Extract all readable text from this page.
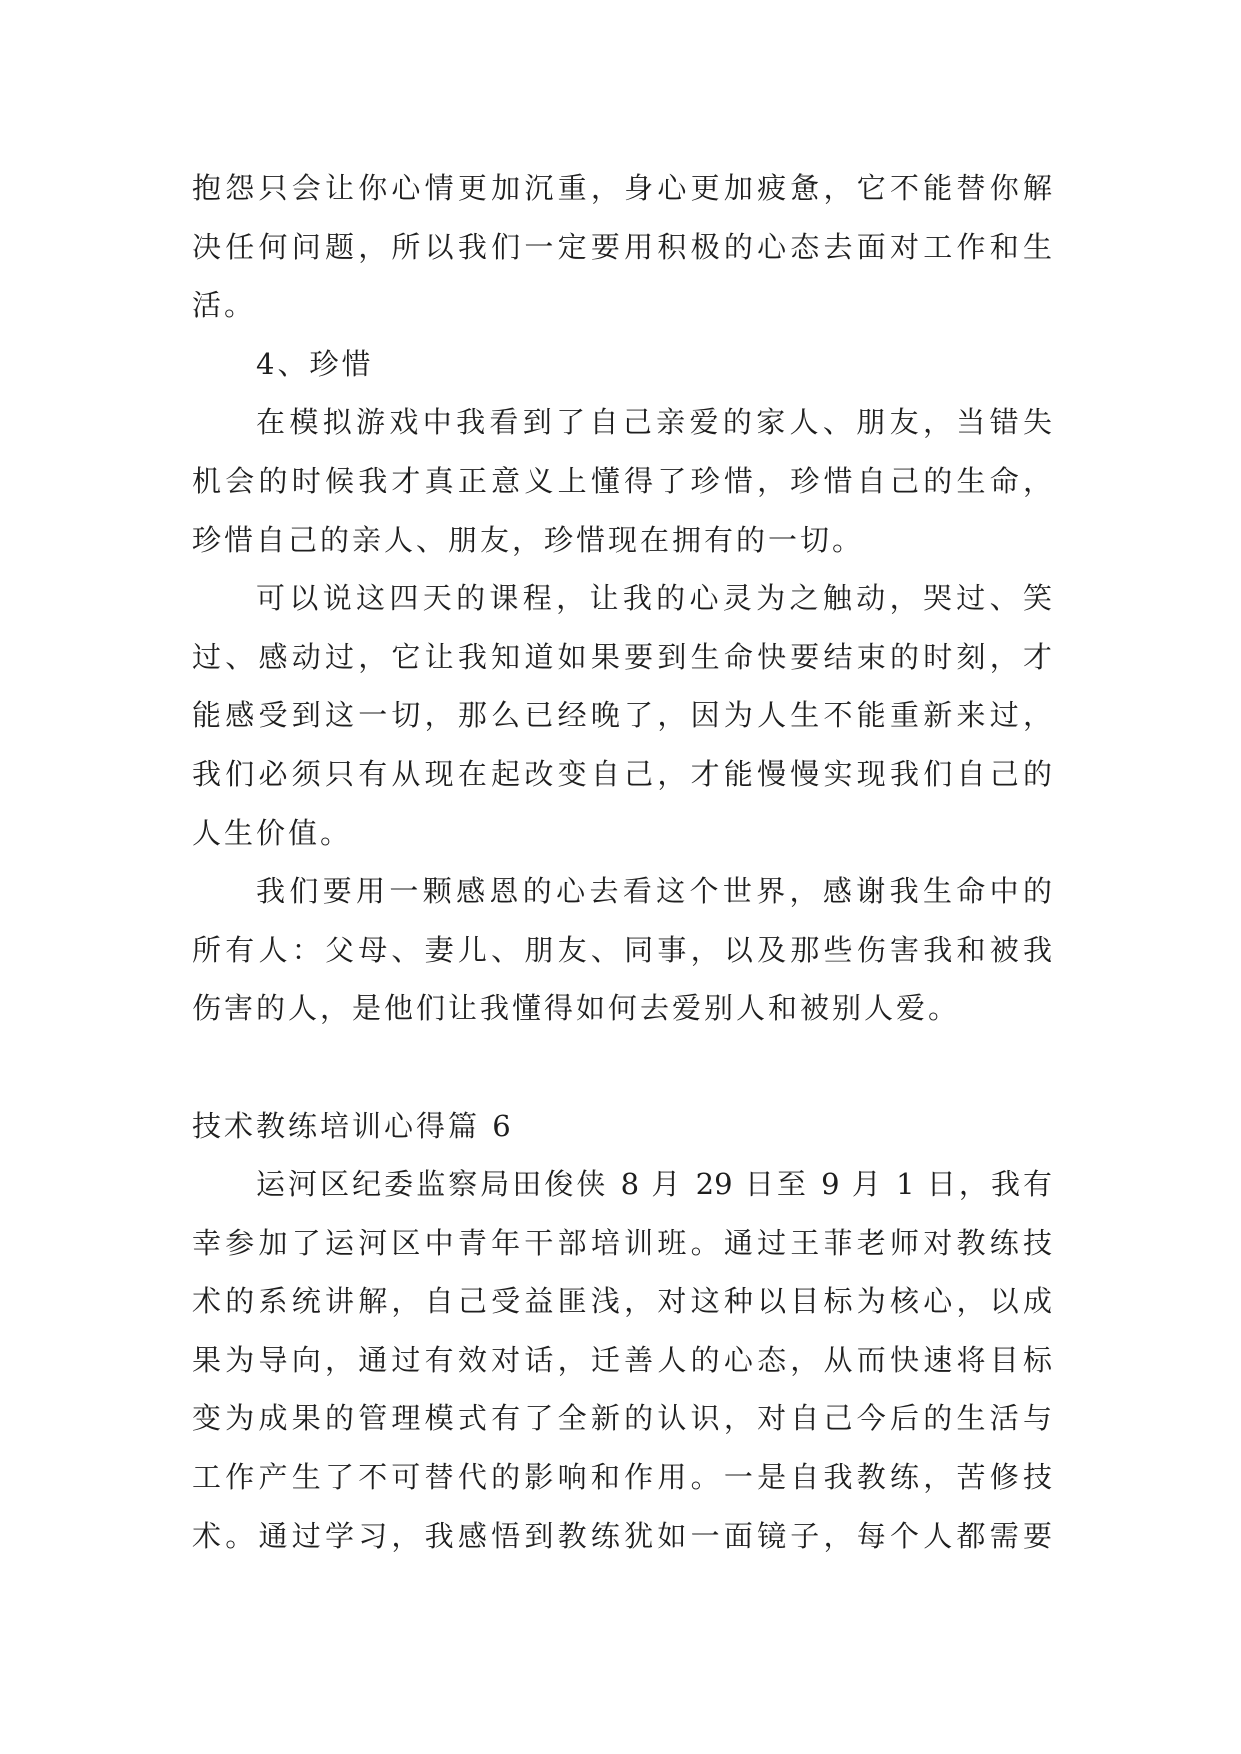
抱怨只会让你心情更加沉重，身心更加疲惫，它不能替你解
决任何问题，所以我们一定要用积极的心态去面对工作和生
活。
4、珍惜
在模拟游戏中我看到了自己亲爱的家人、朋友，当错失
机会的时候我才真正意义上懂得了珍惜，珍惜自己的生命，
珍惜自己的亲人、朋友，珍惜现在拥有的一切。
可以说这四天的课程，让我的心灵为之触动，哭过、笑
过、感动过，它让我知道如果要到生命快要结束的时刻，才
能感受到这一切，那么已经晚了，因为人生不能重新来过，
我们必须只有从现在起改变自己，才能慢慢实现我们自己的
人生价值。
我们要用一颗感恩的心去看这个世界，感谢我生命中的
所有人：父母、妻儿、朋友、同事，以及那些伤害我和被我
伤害的人，是他们让我懂得如何去爱别人和被别人爱。
技术教练培训心得篇 6
运河区纪委监察局田俊侠 8 月 29 日至 9 月 1 日，我有
幸参加了运河区中青年干部培训班。通过王菲老师对教练技
术的系统讲解，自己受益匪浅，对这种以目标为核心，以成
果为导向，通过有效对话，迁善人的心态，从而快速将目标
变为成果的管理模式有了全新的认识，对自己今后的生活与
工作产生了不可替代的影响和作用。一是自我教练，苦修技
术。通过学习，我感悟到教练犹如一面镜子，每个人都需要
